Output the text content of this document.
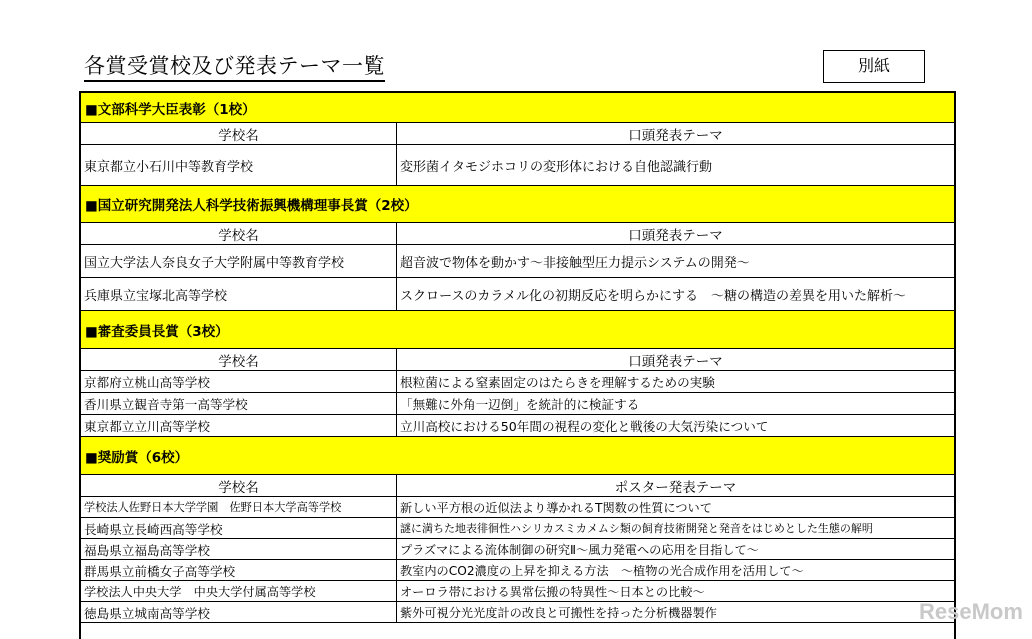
各賞受賞校及び発表テーマ一覧	別紙
■文部科学大臣表彰（1校）
学校名	口頭発表テーマ
東京都立小石川中等教育学校	変形菌イタモジホコリの変形体における自他認識行動
■国立研究開発法人科学技術振興機構理事長賞（2校）
学校名	口頭発表テーマ
国立大学法人奈良女子大学附属中等教育学校	超音波で物体を動かす～非接触型圧力提示システムの開発～
兵庫県立宝塚北高等学校	スクロースのカラメル化の初期反応を明らかにする　～糖の構造の差異を用いた解析～
■審査委員長賞（3校）
学校名	口頭発表テーマ
京都府立桃山高等学校	根粒菌による窒素固定のはたらきを理解するための実験
香川県立観音寺第一高等学校	「無難に外角一辺倒」を統計的に検証する
東京都立立川高等学校	立川高校における50年間の視程の変化と戦後の大気汚染について
■奨励賞（6校）
学校名	ポスター発表テーマ
学校法人佐野日本大学学園　佐野日本大学高等学校	新しい平方根の近似法より導かれるT関数の性質について
長崎県立長崎西高等学校	謎に満ちた地表徘徊性ハシリカスミカメムシ類の飼育技術開発と発音をはじめとした生態の解明
福島県立福島高等学校	プラズマによる流体制御の研究Ⅱ～風力発電への応用を目指して～
群馬県立前橋女子高等学校	教室内のCO2濃度の上昇を抑える方法　～植物の光合成作用を活用して～
学校法人中央大学　中央大学付属高等学校	オーロラ帯における異常伝搬の特異性～日本との比較～
徳島県立城南高等学校	紫外可視分光光度計の改良と可搬性を持った分析機器製作	ReseMom
